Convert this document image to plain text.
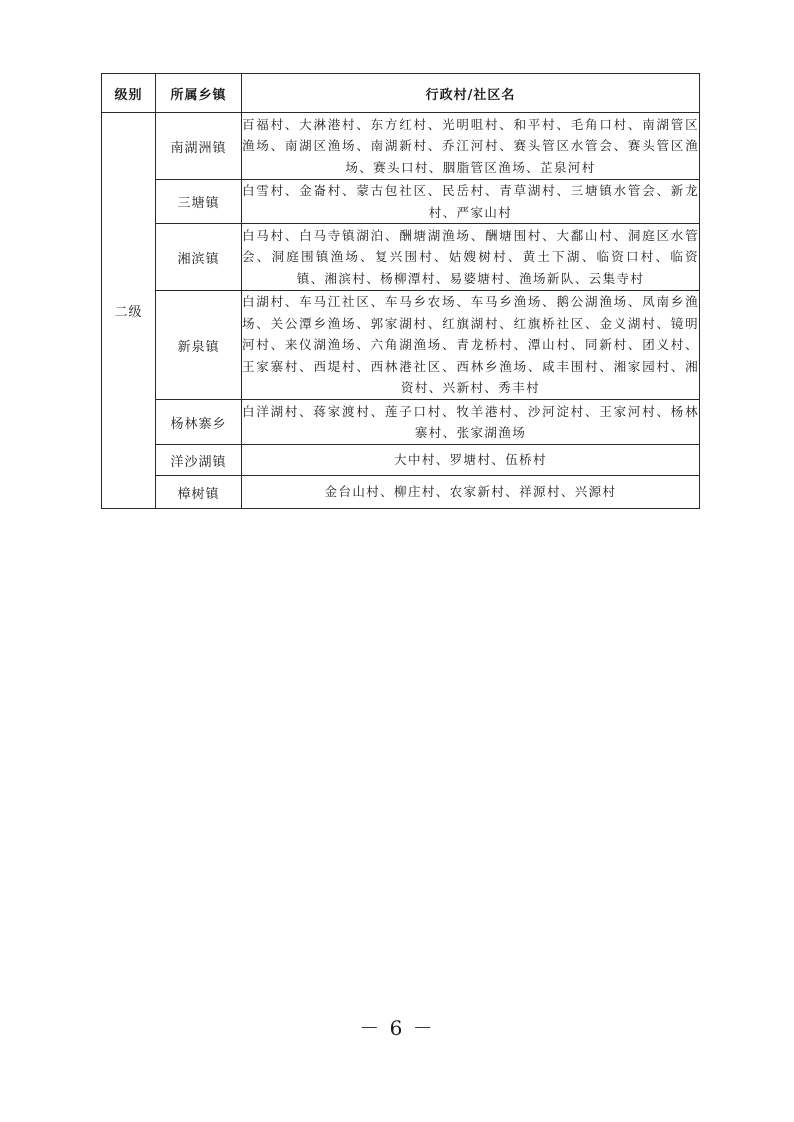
级别	所属乡镇	行政村/社区名
二级	南湖洲镇	百福村、大淋港村、东方红村、光明咀村、和平村、毛角口村、南湖管区渔场、南湖区渔场、南湖新村、乔江河村、赛头管区水管会、赛头管区渔场、赛头口村、胭脂管区渔场、芷泉河村
	三塘镇	白雪村、金崙村、蒙古包社区、民岳村、青草湖村、三塘镇水管会、新龙村、严家山村
	湘滨镇	白马村、白马寺镇湖泊、酬塘湖渔场、酬塘围村、大鄱山村、洞庭区水管会、洞庭围镇渔场、复兴围村、姑嫂树村、黄土下湖、临资口村、临资镇、湘滨村、杨柳潭村、易婆塘村、渔场新队、云集寺村
	新泉镇	白湖村、车马江社区、车马乡农场、车马乡渔场、鹅公湖渔场、凤南乡渔场、关公潭乡渔场、郭家湖村、红旗湖村、红旗桥社区、金义湖村、镜明河村、来仪湖渔场、六角湖渔场、青龙桥村、潭山村、同新村、团义村、王家寨村、西堤村、西林港社区、西林乡渔场、咸丰围村、湘家园村、湘资村、兴新村、秀丰村
	杨林寨乡	白洋湖村、蒋家渡村、莲子口村、牧羊港村、沙河淀村、王家河村、杨林寨村、张家湖渔场
	洋沙湖镇	大中村、罗塘村、伍桥村
	樟树镇	金台山村、柳庄村、农家新村、祥源村、兴源村
－ 6 －
